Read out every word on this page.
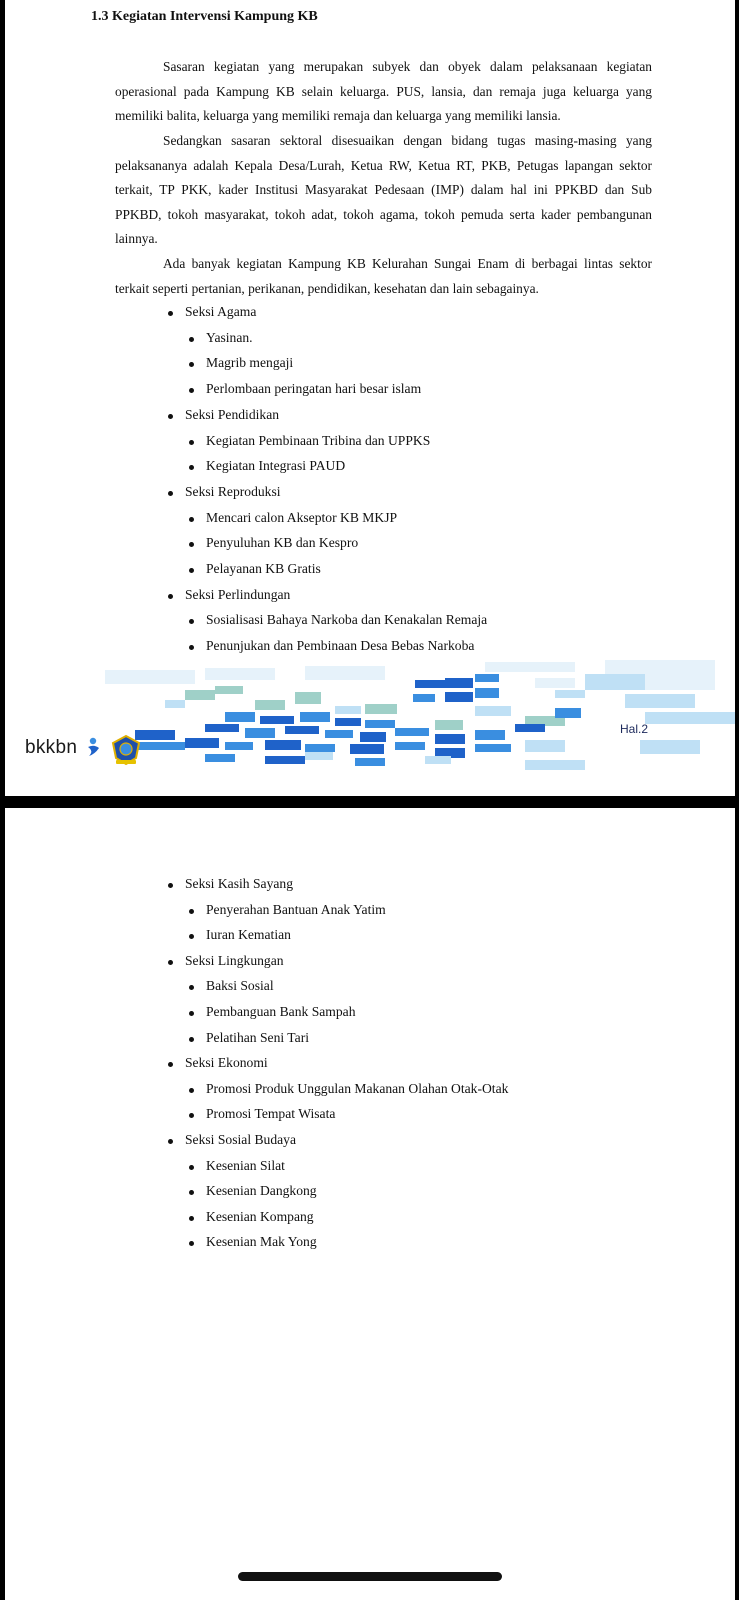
1.3 Kegiatan Intervensi Kampung KB

Sasaran kegiatan yang merupakan subyek dan obyek dalam pelaksanaan kegiatan operasional pada Kampung KB selain keluarga. PUS, lansia, dan remaja juga keluarga yang memiliki balita, keluarga yang memiliki remaja dan keluarga yang memiliki lansia.

Sedangkan sasaran sektoral disesuaikan dengan bidang tugas masing-masing yang pelaksananya adalah Kepala Desa/Lurah, Ketua RW, Ketua RT, PKB, Petugas lapangan sektor terkait, TP PKK, kader Institusi Masyarakat Pedesaan (IMP) dalam hal ini PPKBD dan Sub PPKBD, tokoh masyarakat, tokoh adat, tokoh agama, tokoh pemuda serta kader pembangunan lainnya.

Ada banyak kegiatan Kampung KB Kelurahan Sungai Enam di berbagai lintas sektor terkait seperti pertanian, perikanan, pendidikan, kesehatan dan lain sebagainya.

Seksi Agama
Yasinan.
Magrib mengaji
Perlombaan peringatan hari besar islam
Seksi Pendidikan
Kegiatan Pembinaan Tribina dan UPPKS
Kegiatan Integrasi PAUD
Seksi Reproduksi
Mencari calon Akseptor KB MKJP
Penyuluhan KB dan Kespro
Pelayanan KB Gratis
Seksi Perlindungan
Sosialisasi Bahaya Narkoba dan Kenakalan Remaja
Penunjukan dan Pembinaan Desa Bebas Narkoba
bkkbn
Hal.2
Seksi Kasih Sayang
Penyerahan Bantuan Anak Yatim
Iuran Kematian
Seksi Lingkungan
Baksi Sosial
Pembanguan Bank Sampah
Pelatihan Seni Tari
Seksi Ekonomi
Promosi Produk Unggulan Makanan Olahan Otak-Otak
Promosi Tempat Wisata
Seksi Sosial Budaya
Kesenian Silat
Kesenian Dangkong
Kesenian Kompang
Kesenian Mak Yong
